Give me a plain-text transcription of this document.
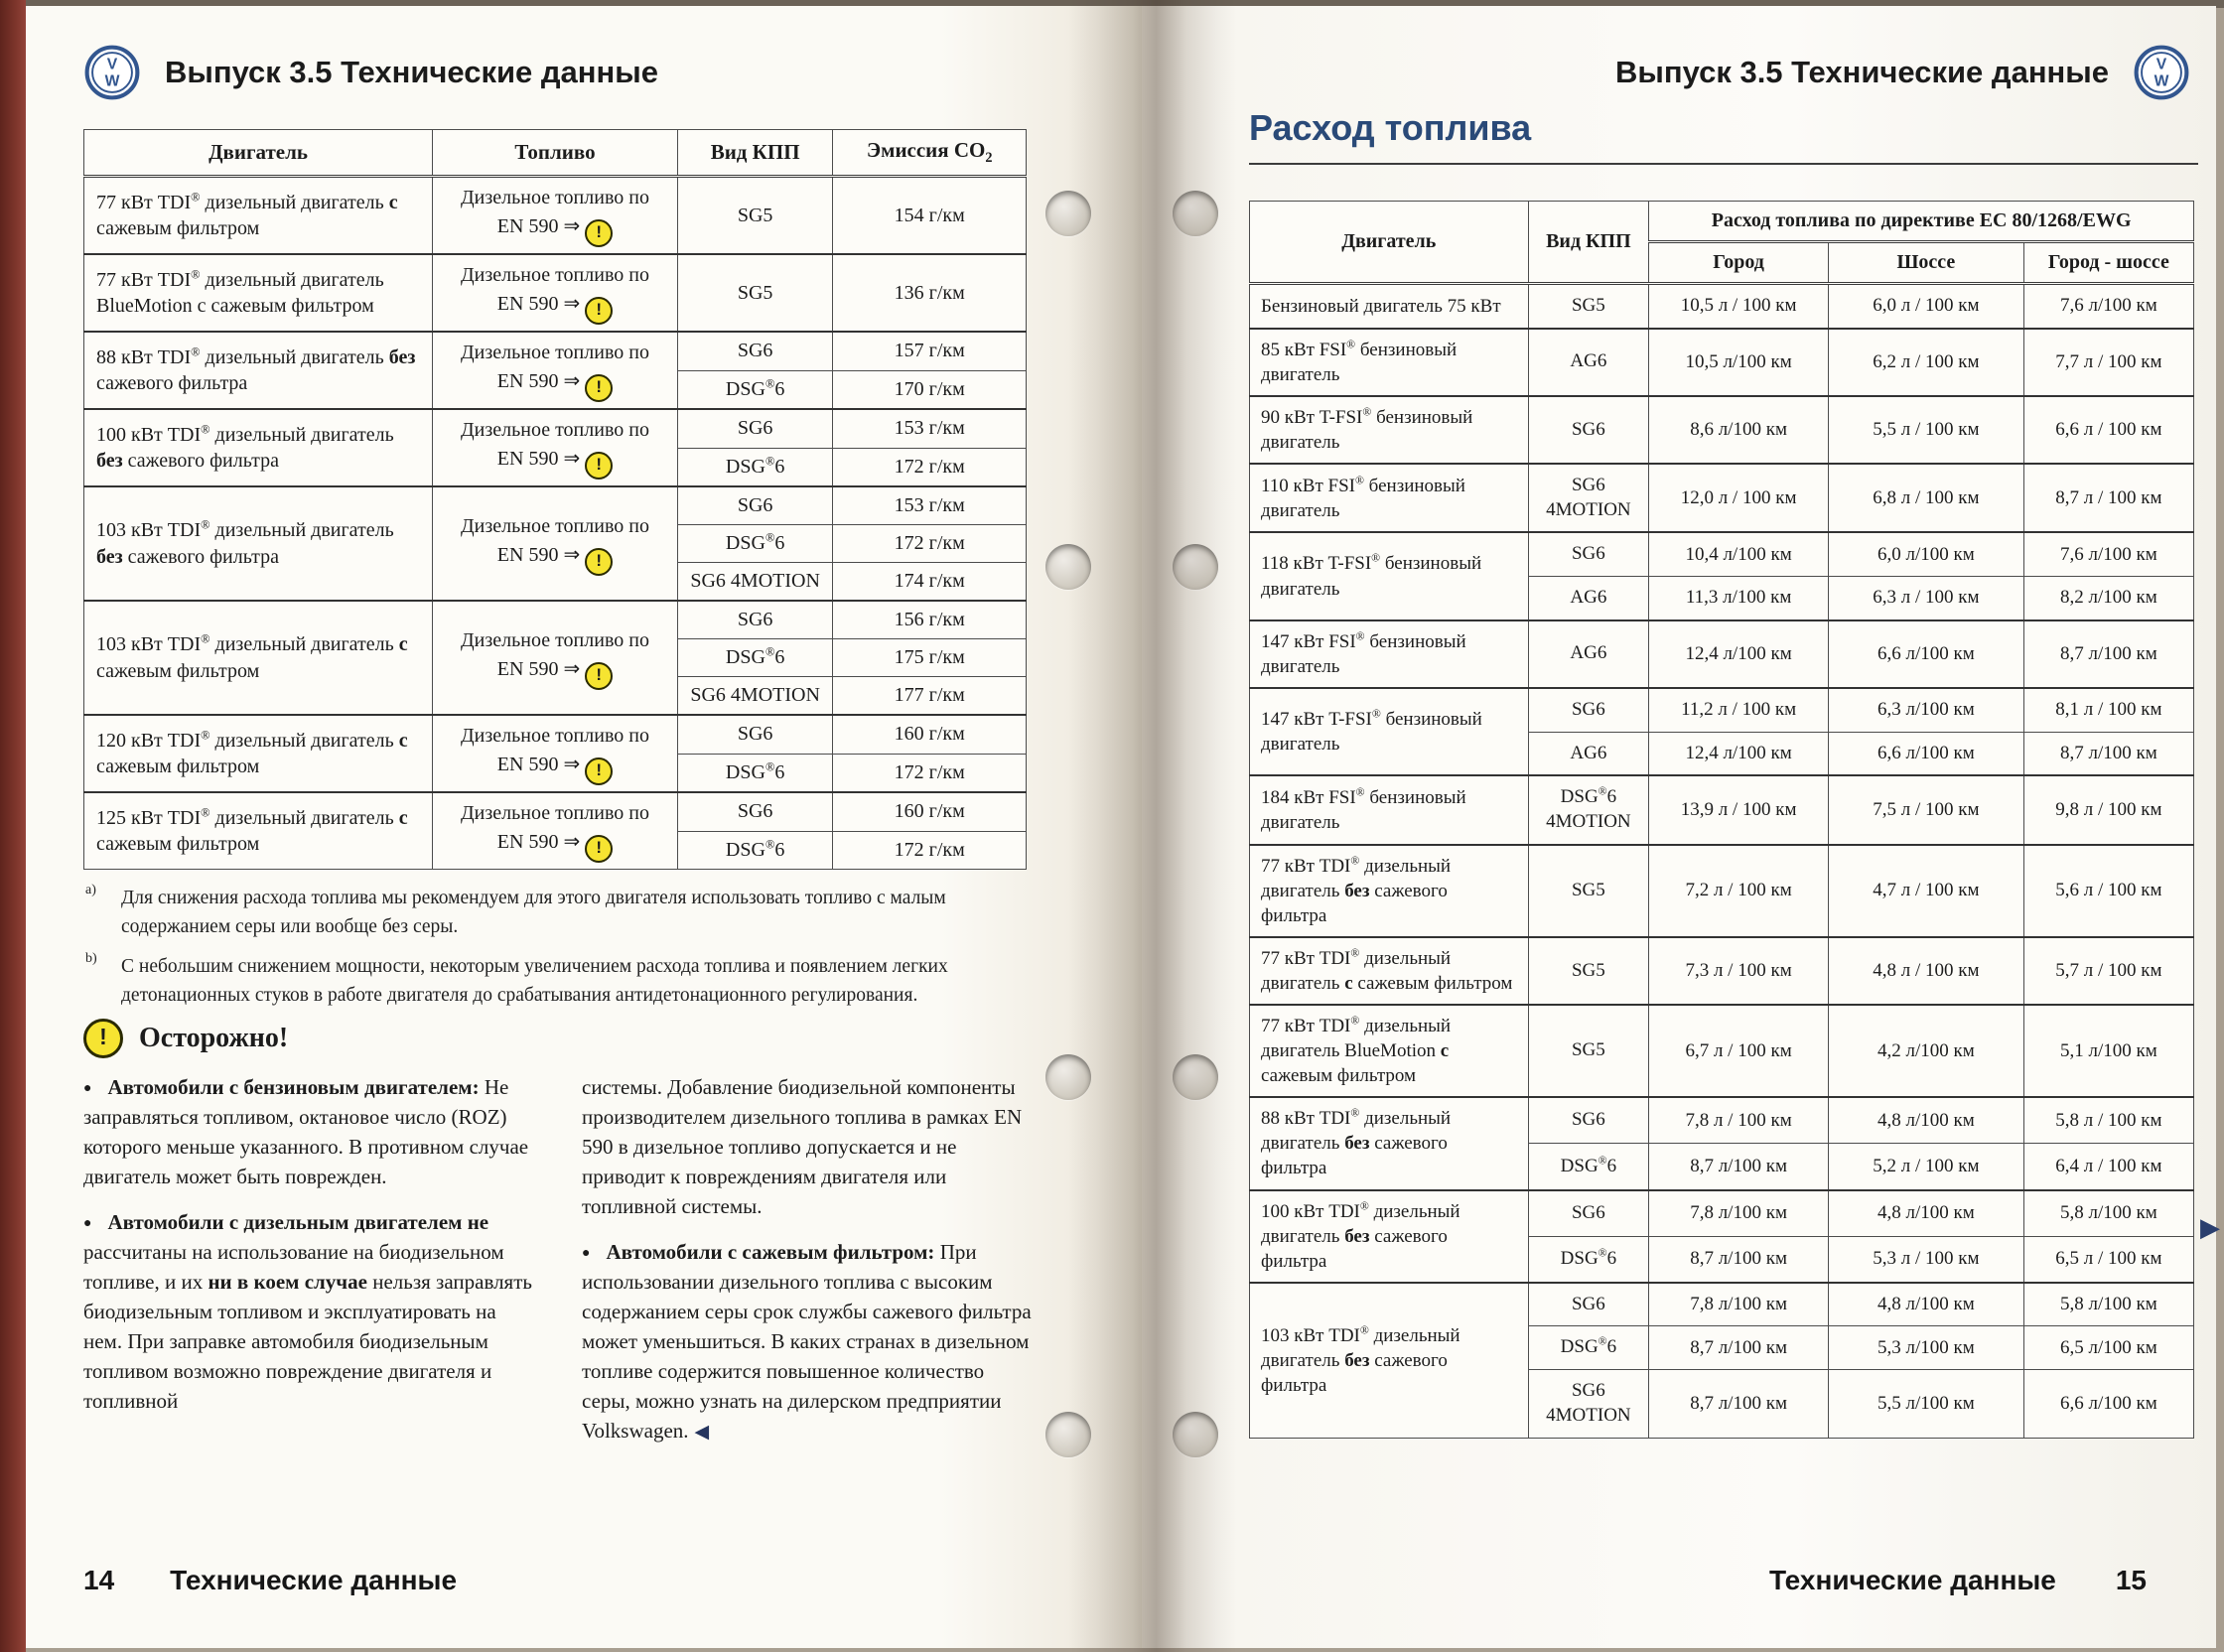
V
W Выпуск 3.5 Технические данные
Двигатель	Топливо	Вид КПП	Эмиссия $CO_2$
77 кВт TDI® дизельный двигатель с сажевым фильтром	Дизельное топливо по
EN 590 ⇒ !	SG5	154 г/км
77 кВт TDI® дизельный двигатель BlueMotion с сажевым фильтром	Дизельное топливо по
EN 590 ⇒ !	SG5	136 г/км
88 кВт TDI® дизельный двигатель без сажевого фильтра	Дизельное топливо по
EN 590 ⇒ !	SG6	157 г/км
		DSG®6	170 г/км
100 кВт TDI® дизельный двигатель без сажевого фильтра	Дизельное топливо по
EN 590 ⇒ !	SG6	153 г/км
		DSG®6	172 г/км
103 кВт TDI® дизельный двигатель без сажевого фильтра	Дизельное топливо по
EN 590 ⇒ !	SG6	153 г/км
		DSG®6	172 г/км
		SG6 4MOTION	174 г/км
103 кВт TDI® дизельный двигатель с сажевым фильтром	Дизельное топливо по
EN 590 ⇒ !	SG6	156 г/км
		DSG®6	175 г/км
		SG6 4MOTION	177 г/км
120 кВт TDI® дизельный двигатель с сажевым фильтром	Дизельное топливо по
EN 590 ⇒ !	SG6	160 г/км
		DSG®6	172 г/км
125 кВт TDI® дизельный двигатель с сажевым фильтром	Дизельное топливо по
EN 590 ⇒ !	SG6	160 г/км
		DSG®6	172 г/км
a) Для снижения расхода топлива мы рекомендуем для этого двигателя использовать топливо с малым содержанием серы или вообще без серы.
b) С небольшим снижением мощности, некоторым увеличением расхода топлива и появлением легких детонационных стуков в работе двигателя до срабатывания антидетонационного регулирования.
!	Осторожно!

● Автомобили с бензиновым двигателем: Не заправляться топливом, октановое число (ROZ) которого меньше указанного. В противном случае двигатель может быть поврежден.

● Автомобили с дизельным двигателем не рассчитаны на использование на биодизельном топливе, и их ни в коем случае нельзя заправлять биодизельным топливом и эксплуатировать на нем. При заправке автомобиля биодизельным топливом возможно повреждение двигателя и топливной

системы. Добавление биодизельной компоненты производителем дизельного топлива в рамках EN 590 в дизельное топливо допускается и не приводит к повреждениям двигателя или топливной системы.

● Автомобили с сажевым фильтром: При использовании дизельного топлива с высоким содержанием серы срок службы сажевого фильтра может уменьшиться. В каких странах в дизельном топливе содержится повышенное количество серы, можно узнать на дилерском предприятии Volkswagen. ◀

14 Технические данные
Выпуск 3.5 Технические данные	V
W
Расход топлива
Двигатель	Вид КПП	Расход топлива по директиве ЕС 80/1268/EWG		
		Город	Шоссе	Город - шоссе
Бензиновый двигатель 75 кВт	SG5	10,5 л / 100 км	6,0 л / 100 км	7,6 л/100 км
85 кВт FSI® бензиновый двигатель	AG6	10,5 л/100 км	6,2 л / 100 км	7,7 л / 100 км
90 кВт T-FSI® бензиновый двигатель	SG6	8,6 л/100 км	5,5 л / 100 км	6,6 л / 100 км
110 кВт FSI® бензиновый двигатель	SG6 4MOTION	12,0 л / 100 км	6,8 л / 100 км	8,7 л / 100 км
118 кВт T-FSI® бензиновый двигатель	SG6	10,4 л/100 км	6,0 л/100 км	7,6 л/100 км
	AG6	11,3 л/100 км	6,3 л / 100 км	8,2 л/100 км
147 кВт FSI® бензиновый двигатель	AG6	12,4 л/100 км	6,6 л/100 км	8,7 л/100 км
147 кВт T-FSI® бензиновый двигатель	SG6	11,2 л / 100 км	6,3 л/100 км	8,1 л / 100 км
	AG6	12,4 л/100 км	6,6 л/100 км	8,7 л/100 км
184 кВт FSI® бензиновый двигатель	DSG®6 4MOTION	13,9 л / 100 км	7,5 л / 100 км	9,8 л / 100 км
77 кВт TDI® дизельный двигатель без сажевого фильтра	SG5	7,2 л / 100 км	4,7 л / 100 км	5,6 л / 100 км
77 кВт TDI® дизельный двигатель с сажевым фильтром	SG5	7,3 л / 100 км	4,8 л / 100 км	5,7 л / 100 км
77 кВт TDI® дизельный двигатель BlueMotion с сажевым фильтром	SG5	6,7 л / 100 км	4,2 л/100 км	5,1 л/100 км
88 кВт TDI® дизельный двигатель без сажевого фильтра	SG6	7,8 л / 100 км	4,8 л/100 км	5,8 л / 100 км
	DSG®6	8,7 л/100 км	5,2 л / 100 км	6,4 л / 100 км
100 кВт TDI® дизельный двигатель без сажевого фильтра	SG6	7,8 л/100 км	4,8 л/100 км	5,8 л/100 км
	DSG®6	8,7 л/100 км	5,3 л / 100 км	6,5 л / 100 км
103 кВт TDI® дизельный двигатель без сажевого фильтра	SG6	7,8 л/100 км	4,8 л/100 км	5,8 л/100 км
	DSG®6	8,7 л/100 км	5,3 л/100 км	6,5 л/100 км
	SG6 4MOTION	8,7 л/100 км	5,5 л/100 км	6,6 л/100 км
▶
Технические данные 15
